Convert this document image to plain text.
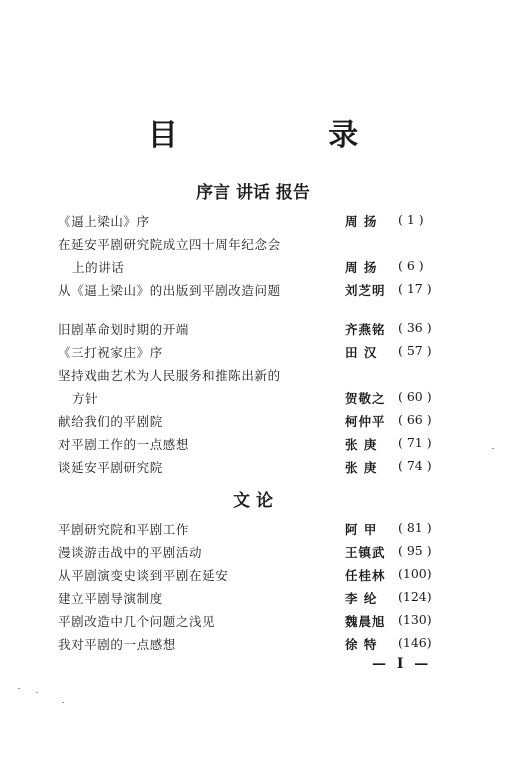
目 录
序言 讲话 报告
《逼上梁山》序	周 扬 ( 1 )
在延安平剧研究院成立四十周年纪念会
上的讲话	周 扬 ( 6 )
从《逼上梁山》的出版到平剧改造问题	刘芝明 ( 17 )
旧剧革命划时期的开端	齐燕铭 ( 36 )
《三打祝家庄》序	田 汉 ( 57 )
坚持戏曲艺术为人民服务和推陈出新的
方针	贺敬之 ( 60 )
献给我们的平剧院	柯仲平 ( 66 )
对平剧工作的一点感想	张 庚 ( 71 )
谈延安平剧研究院	张 庚 ( 74 )
文 论
平剧研究院和平剧工作	阿 甲 ( 81 )
漫谈游击战中的平剧活动	王镇武 ( 95 )
从平剧演变史谈到平剧在延安	任桂林 (100)
建立平剧导演制度	李 纶 (124)
平剧改造中几个问题之浅见	魏晨旭 (130)
我对平剧的一点感想	徐 特 (146)
— I —
